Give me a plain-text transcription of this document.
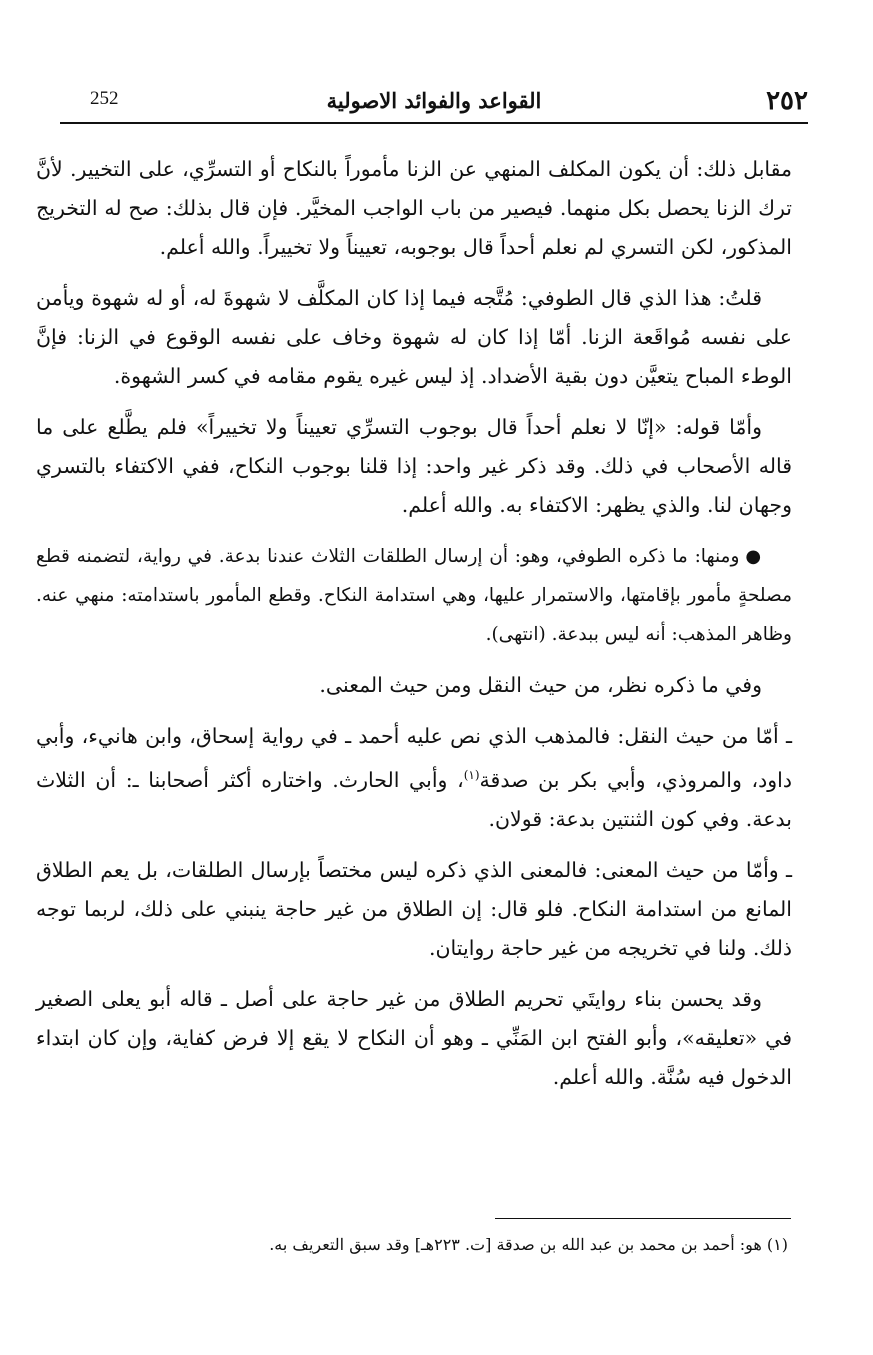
٢٥٢
القواعد والفوائد الاصولية
252

مقابل ذلك: أن يكون المكلف المنهي عن الزنا مأموراً بالنكاح أو التسرِّي، على التخيير. لأنَّ ترك الزنا يحصل بكل منهما. فيصير من باب الواجب المخيَّر. فإن قال بذلك: صح له التخريج المذكور، لكن التسري لم نعلم أحداً قال بوجوبه، تعييناً ولا تخييراً. والله أعلم.

قلتُ: هذا الذي قال الطوفي: مُتَّجه فيما إذا كان المكلَّف لا شهوةَ له، أو له شهوة ويأمن على نفسه مُواقَعة الزنا. أمّا إذا كان له شهوة وخاف على نفسه الوقوع في الزنا: فإنَّ الوطء المباح يتعيَّن دون بقية الأضداد. إذ ليس غيره يقوم مقامه في كسر الشهوة.

وأمّا قوله: «إنّا لا نعلم أحداً قال بوجوب التسرِّي تعييناً ولا تخييراً» فلم يطَّلع على ما قاله الأصحاب في ذلك. وقد ذكر غير واحد: إذا قلنا بوجوب النكاح، ففي الاكتفاء بالتسري وجهان لنا. والذي يظهر: الاكتفاء به. والله أعلم.

●ومنها: ما ذكره الطوفي، وهو: أن إرسال الطلقات الثلاث عندنا بدعة. في رواية، لتضمنه قطع مصلحةٍ مأمور بإقامتها، والاستمرار عليها، وهي استدامة النكاح. وقطع المأمور باستدامته: منهي عنه. وظاهر المذهب: أنه ليس ببدعة. (انتهى).

وفي ما ذكره نظر، من حيث النقل ومن حيث المعنى.

ـ أمّا من حيث النقل: فالمذهب الذي نص عليه أحمد ـ في رواية إسحاق، وابن هانيء، وأبي داود، والمروذي، وأبي بكر بن صدقة$^{(١)}$، وأبي الحارث. واختاره أكثر أصحابنا ـ: أن الثلاث بدعة. وفي كون الثنتين بدعة: قولان.

ـ وأمّا من حيث المعنى: فالمعنى الذي ذكره ليس مختصاً بإرسال الطلقات، بل يعم الطلاق المانع من استدامة النكاح. فلو قال: إن الطلاق من غير حاجة ينبني على ذلك، لربما توجه ذلك. ولنا في تخريجه من غير حاجة روايتان.

وقد يحسن بناء روايتَي تحريم الطلاق من غير حاجة على أصل ـ قاله أبو يعلى الصغير في «تعليقه»، وأبو الفتح ابن المَنِّي ـ وهو أن النكاح لا يقع إلا فرض كفاية، وإن كان ابتداء الدخول فيه سُنَّة. والله أعلم.

(١) هو: أحمد بن محمد بن عبد الله بن صدقة [ت. ٢٢٣هـ] وقد سبق التعريف به.
